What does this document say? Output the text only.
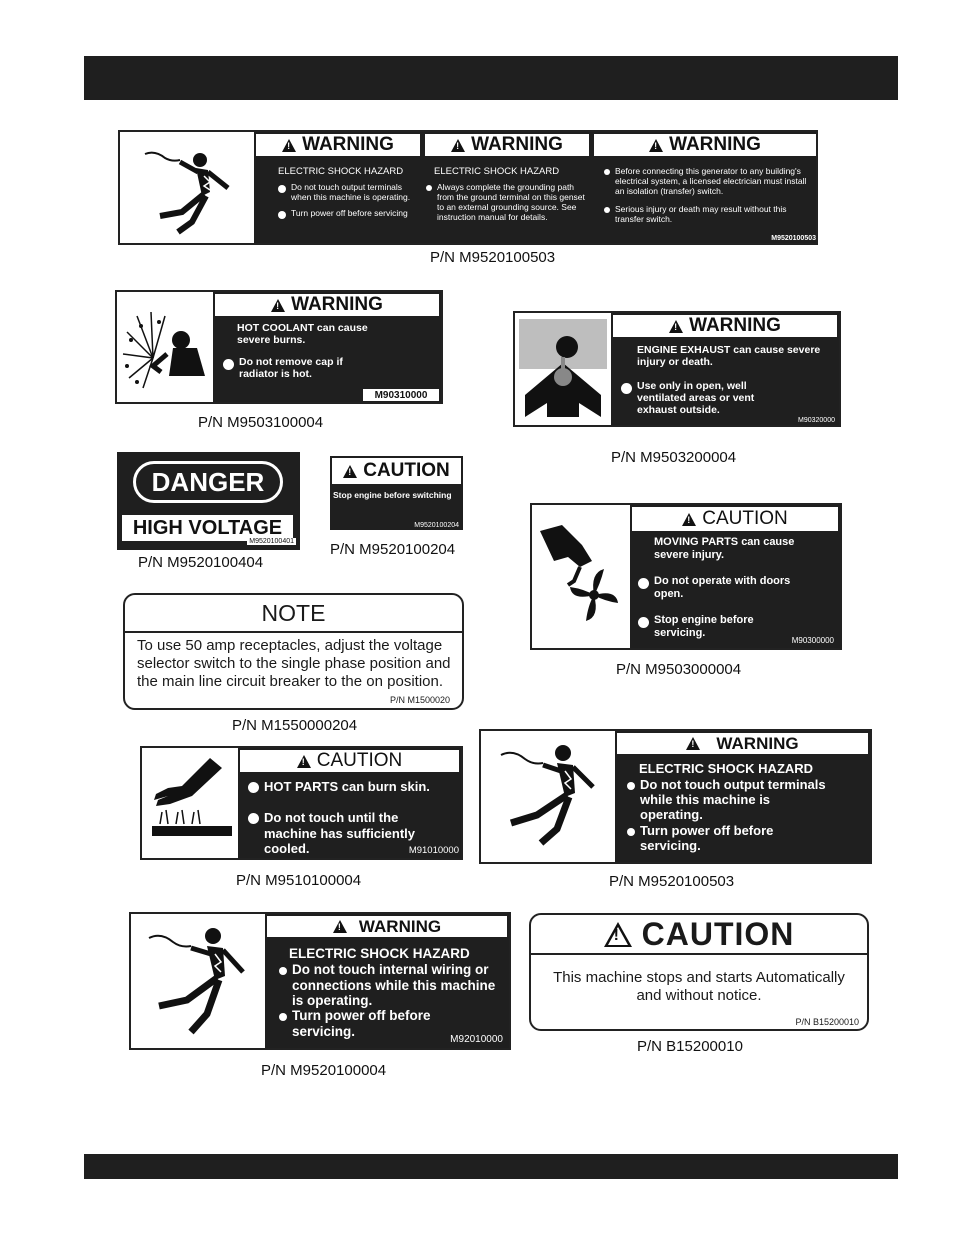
!
WARNING !	WARNING !	WARNING
ELECTRIC SHOCK HAZARD
Do not touch output terminals when this machine is operating.
Turn power off before servicing
ELECTRIC SHOCK HAZARD
Always complete the grounding path from the ground terminal on this genset to an external grounding source. See instruction manual for details.
Before connecting this generator to any building's electrical system, a licensed electrician must install an isolation (transfer) switch.
Serious injury or death may result without this transfer switch.
M9520100503
P/N M9520100503
!
WARNING
HOT COOLANT can cause severe burns.
Do not remove cap if radiator is hot.
M90310000
P/N M9503100004
!
WARNING
ENGINE EXHAUST can cause severe injury or death.
Use only in open, well ventilated areas or vent exhaust outside.
M90320000
P/N M9503200004
DANGER
HIGH VOLTAGE
M9520100401
P/N M9520100404
!
CAUTION
Stop engine before switching
M9520100204
P/N M9520100204
!
CAUTION
MOVING PARTS can cause severe injury.
Do not operate with doors open.
Stop engine before servicing.
M90300000
P/N M9503000004
NOTE
To use 50 amp receptacles, adjust the voltage selector switch to the single phase position and the main line circuit breaker to the on position.
P/N M1500020
P/N M1550000204
!
CAUTION
HOT PARTS can burn skin.
Do not touch until the machine has sufficiently cooled.	M91010000
P/N M9510100004
!
WARNING
ELECTRIC SHOCK HAZARD
Do not touch output terminals while this machine is operating.
Turn power off before servicing.
P/N M9520100503
!
WARNING
ELECTRIC SHOCK HAZARD
Do not touch internal wiring or connections while this machine is operating.
Turn power off before servicing.
M92010000
P/N M9520100004
!
CAUTION
This machine stops and starts Automatically and without notice.
P/N B15200010
P/N B15200010
